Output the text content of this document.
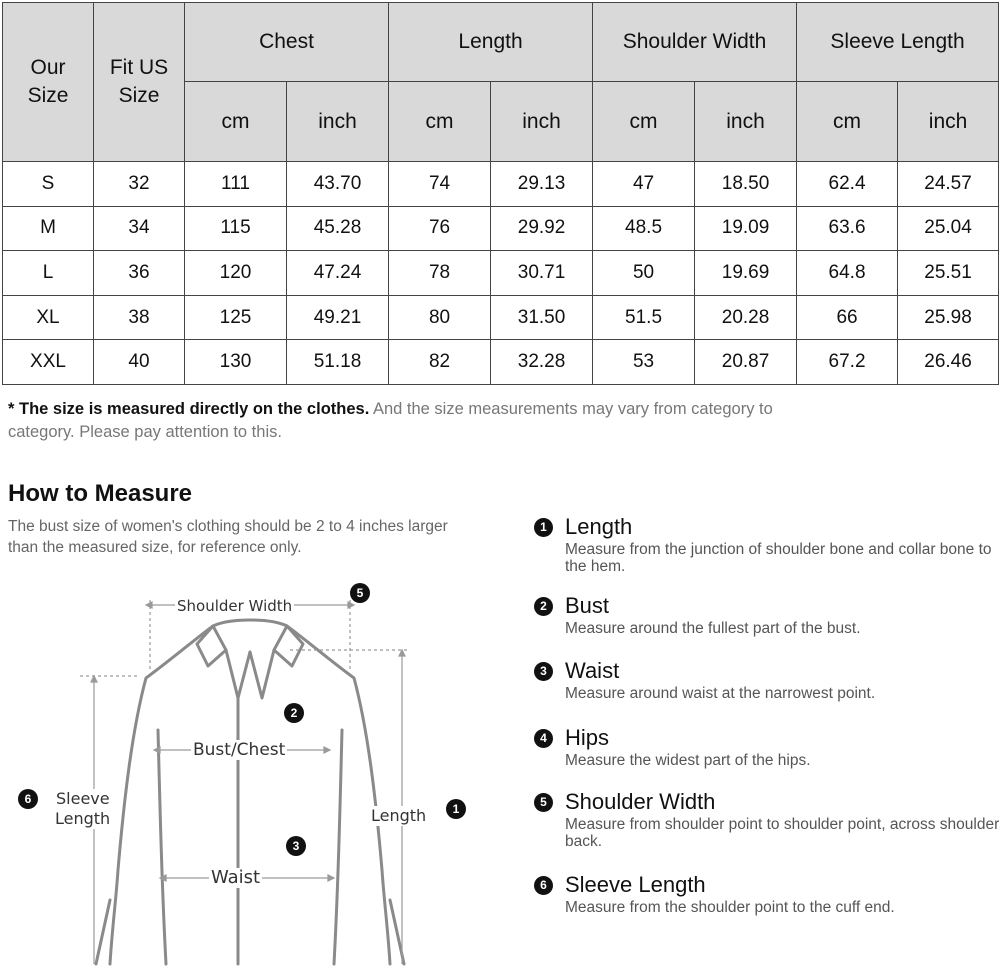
Our Size	Fit US Size	Chest		Length		Shoulder Width		Sleeve Length	
		cm	inch	cm	inch	cm	inch	cm	inch
S	32	111	43.70	74	29.13	47	18.50	62.4	24.57
M	34	115	45.28	76	29.92	48.5	19.09	63.6	25.04
L	36	120	47.24	78	30.71	50	19.69	64.8	25.51
XL	38	125	49.21	80	31.50	51.5	20.28	66	25.98
XXL	40	130	51.18	82	32.28	53	20.87	67.2	26.46
* The size is measured directly on the clothes. And the size measurements may vary from category to category. Please pay attention to this.
How to Measure
The bust size of women's clothing should be 2 to 4 inches larger than the measured size, for reference only.
Shoulder Width
Bust/Chest
Waist
Length
Sleeve
Length	1
2
3
5
6
1 Length
Measure from the junction of shoulder bone and collar bone to the hem.
2 Bust
Measure around the fullest part of the bust.
3 Waist
Measure around waist at the narrowest point.
4 Hips
Measure the widest part of the hips.
5 Shoulder Width
Measure from shoulder point to shoulder point, across shoulder back.
6 Sleeve Length
Measure from the shoulder point to the cuff end.
